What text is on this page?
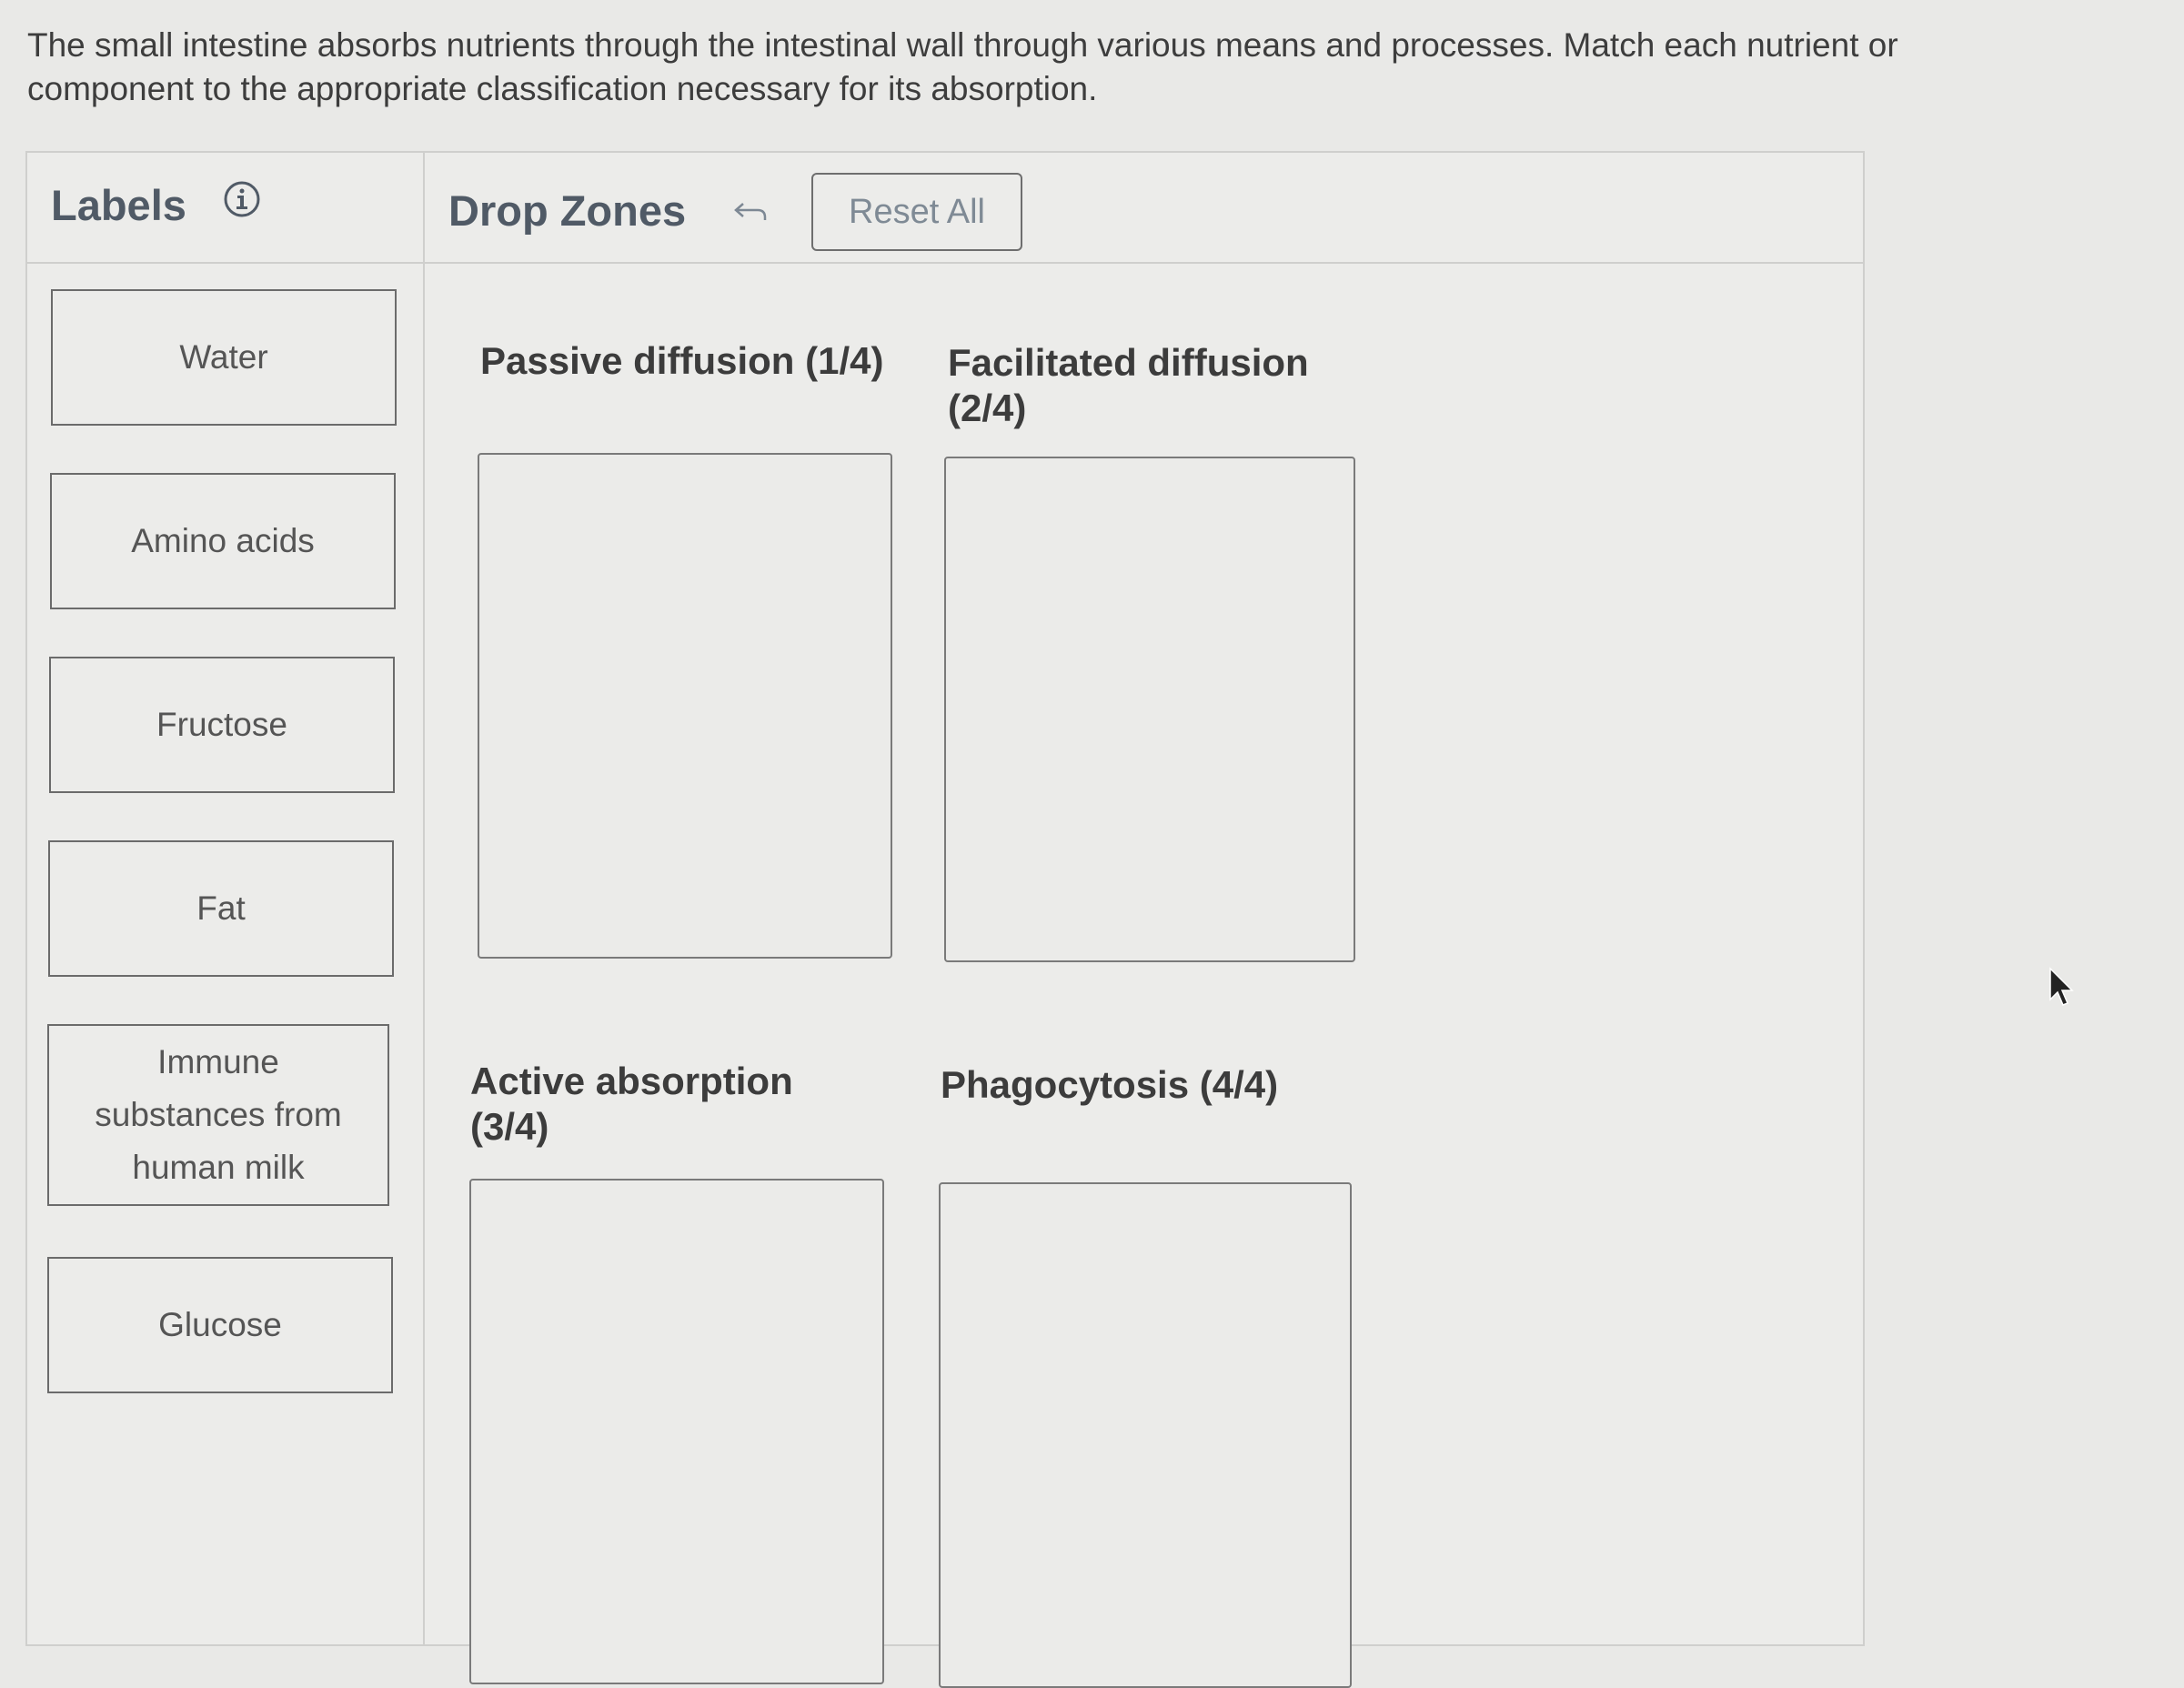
The small intestine absorbs nutrients through the intestinal wall through various means and processes. Match each nutrient or component to the appropriate classification necessary for its absorption.
Labels
Water
Amino acids
Fructose
Fat
Immune substances from human milk
Glucose
Drop Zones	Reset All
Passive diffusion (1/4)	Facilitated diffusion (2/4)
Active absorption (3/4)
Phagocytosis (4/4)
